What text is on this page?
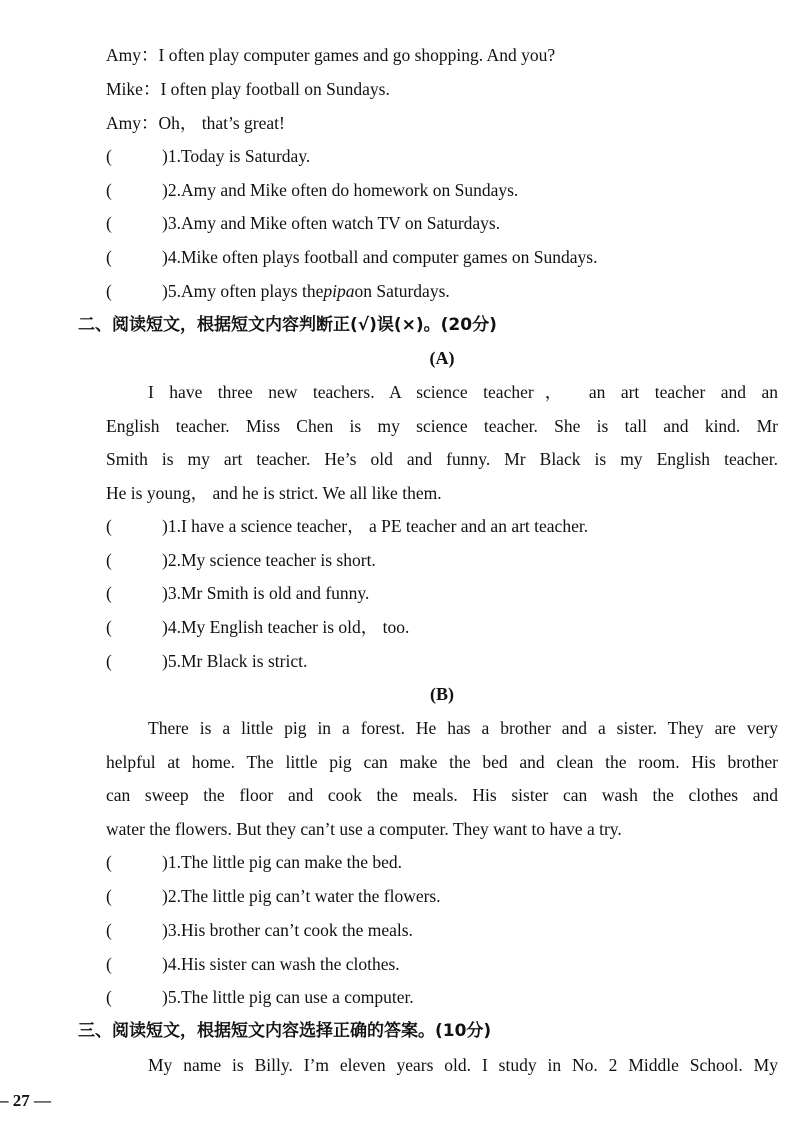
Amy：I often play computer games and go shopping. And you?
Mike：I often play football on Sundays.
Amy：Oh， that’s great!
(	)1. Today is Saturday.
(	)2. Amy and Mike often do homework on Sundays.
(	)3. Amy and Mike often watch TV on Saturdays.
(	)4. Mike often plays football and computer games on Sundays.
(	)5. Amy often plays the pipa on Saturdays.
二、阅读短文，根据短文内容判断正(√)误(×)。(20分)
(A)
I have three new teachers. A science teacher， an art teacher and an
English teacher. Miss Chen is my science teacher. She is tall and kind. Mr
Smith is my art teacher. He’s old and funny. Mr Black is my English teacher.
He is young， and he is strict. We all like them.
(	)1. I have a science teacher， a PE teacher and an art teacher.
(	)2. My science teacher is short.
(	)3. Mr Smith is old and funny.
(	)4. My English teacher is old， too.
(	)5. Mr Black is strict.
(B)
There is a little pig in a forest. He has a brother and a sister. They are very
helpful at home. The little pig can make the bed and clean the room. His brother
can sweep the floor and cook the meals. His sister can wash the clothes and
water the flowers. But they can’t use a computer. They want to have a try.
(	)1. The little pig can make the bed.
(	)2. The little pig can’t water the flowers.
(	)3. His brother can’t cook the meals.
(	)4. His sister can wash the clothes.
(	)5. The little pig can use a computer.
三、阅读短文，根据短文内容选择正确的答案。(10分)
My name is Billy. I’m eleven years old. I study in No. 2 Middle School. My
– 27 —
